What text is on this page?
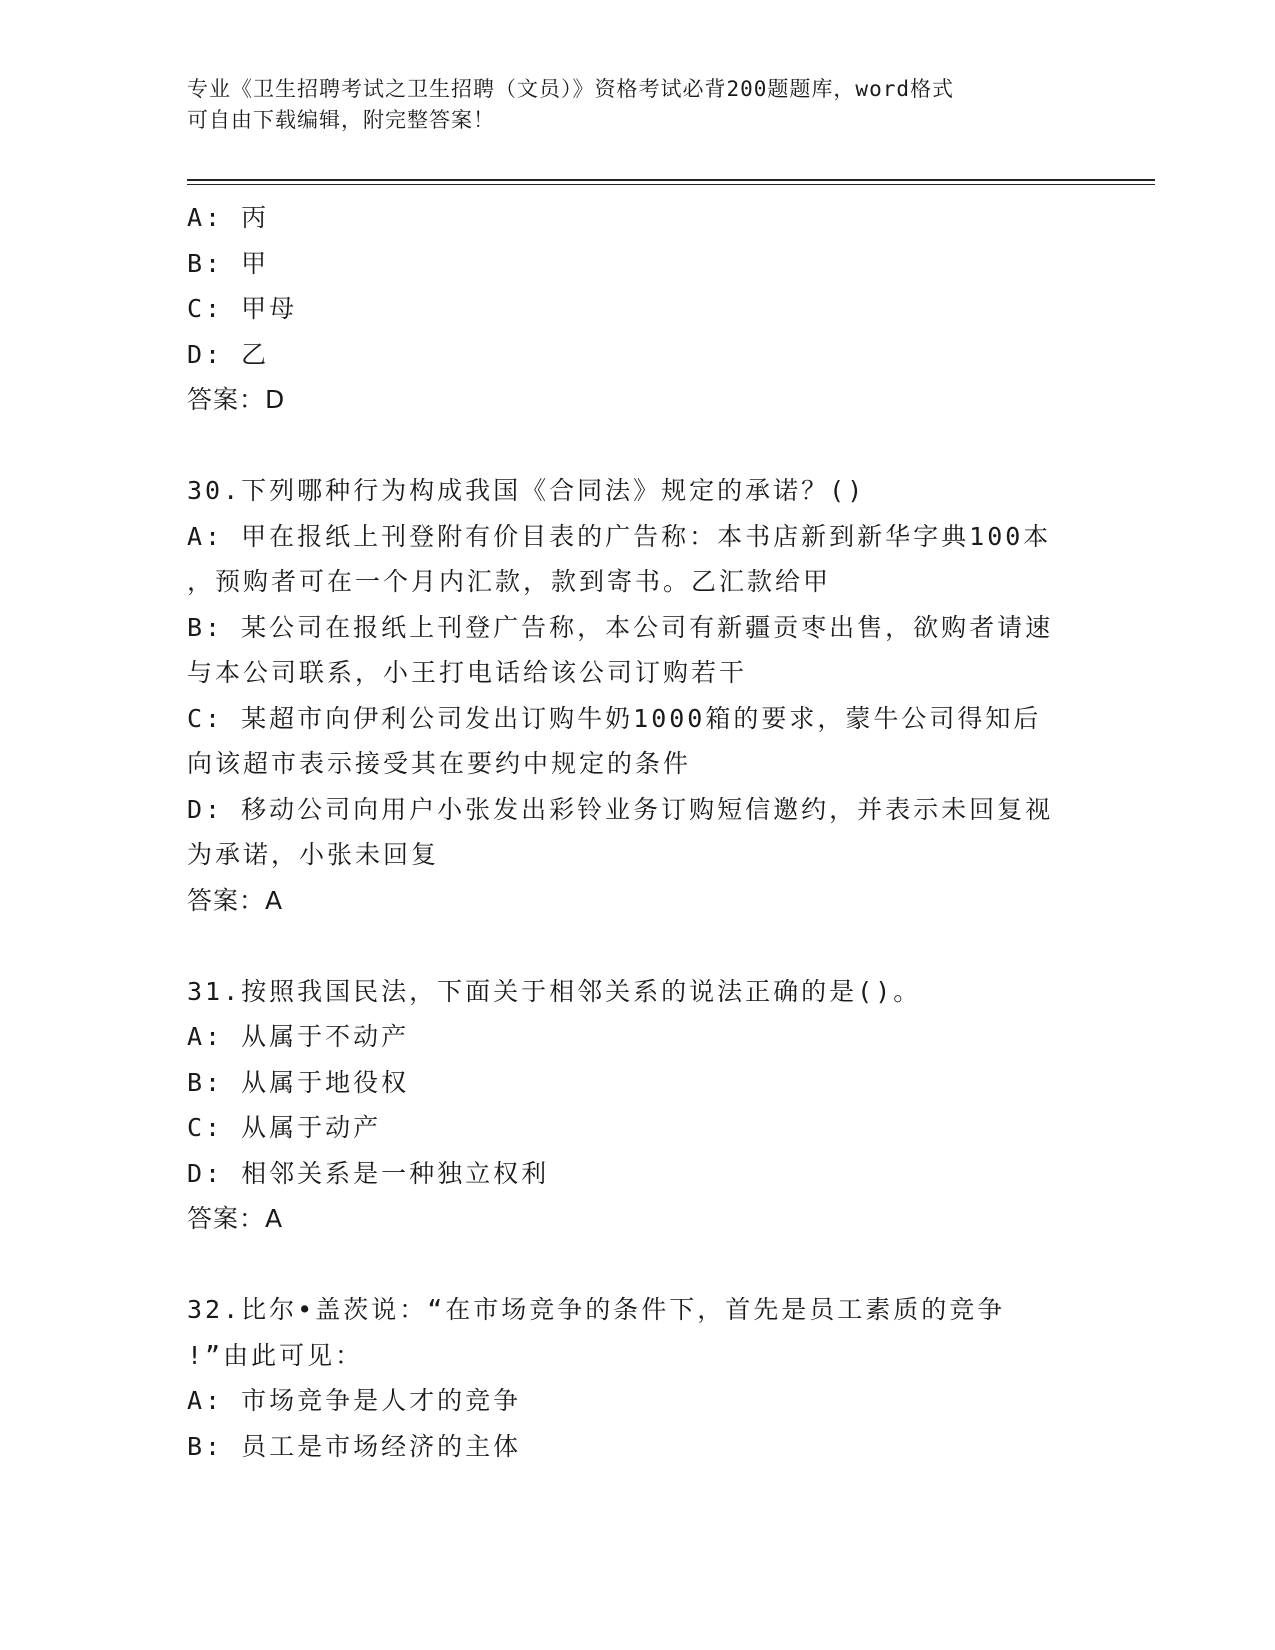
专业《卫生招聘考试之卫生招聘（文员）》资格考试必背200题题库，word格式
可自由下载编辑，附完整答案！
A: 丙
B: 甲
C: 甲母
D: 乙
答案：D
30.下列哪种行为构成我国《合同法》规定的承诺？()
A: 甲在报纸上刊登附有价目表的广告称：本书店新到新华字典100本
，预购者可在一个月内汇款，款到寄书。乙汇款给甲
B: 某公司在报纸上刊登广告称，本公司有新疆贡枣出售，欲购者请速
与本公司联系，小王打电话给该公司订购若干
C: 某超市向伊利公司发出订购牛奶1000箱的要求，蒙牛公司得知后
向该超市表示接受其在要约中规定的条件
D: 移动公司向用户小张发出彩铃业务订购短信邀约，并表示未回复视
为承诺，小张未回复
答案：A
31.按照我国民法，下面关于相邻关系的说法正确的是()。
A: 从属于不动产
B: 从属于地役权
C: 从属于动产
D: 相邻关系是一种独立权利
答案：A
32.比尔•盖茨说：“在市场竞争的条件下，首先是员工素质的竞争
!”由此可见：
A: 市场竞争是人才的竞争
B: 员工是市场经济的主体
